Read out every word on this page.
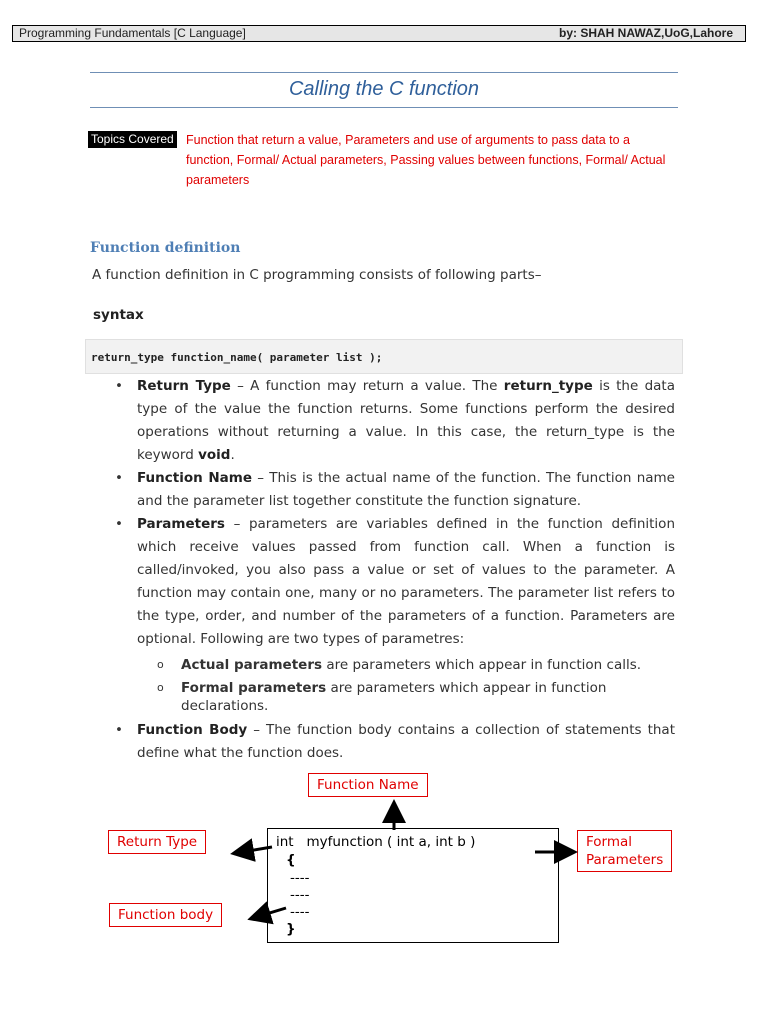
Programming Fundamentals [C Language]	by: SHAH NAWAZ,UoG,Lahore
Calling the C function
Topics Covered Function that return a value, Parameters and use of arguments to pass data to a function, Formal/ Actual parameters, Passing values between functions, Formal/ Actual parameters
Function definition
A function definition in C programming consists of following parts–
syntax
return_type function_name( parameter list );
• Return Type – A function may return a value. The return_type is the data type of the value the function returns. Some functions perform the desired operations without returning a value. In this case, the return_type is the keyword void.
• Function Name – This is the actual name of the function. The function name and the parameter list together constitute the function signature.
• Parameters – parameters are variables defined in the function definition which receive values passed from function call. When a function is called/invoked, you also pass a value or set of values to the parameter. A function may contain one, many or no parameters. The parameter list refers to the type, order, and number of the parameters of a function. Parameters are optional. Following are two types of parametres:
o Actual parameters are parameters which appear in function calls.
o Formal parameters are parameters which appear in function declarations.
• Function Body – The function body contains a collection of statements that define what the function does.
Function Name
Return Type	Formal
Parameters
Function body
int   myfunction ( int a, int b )
{
----
----
----
}
